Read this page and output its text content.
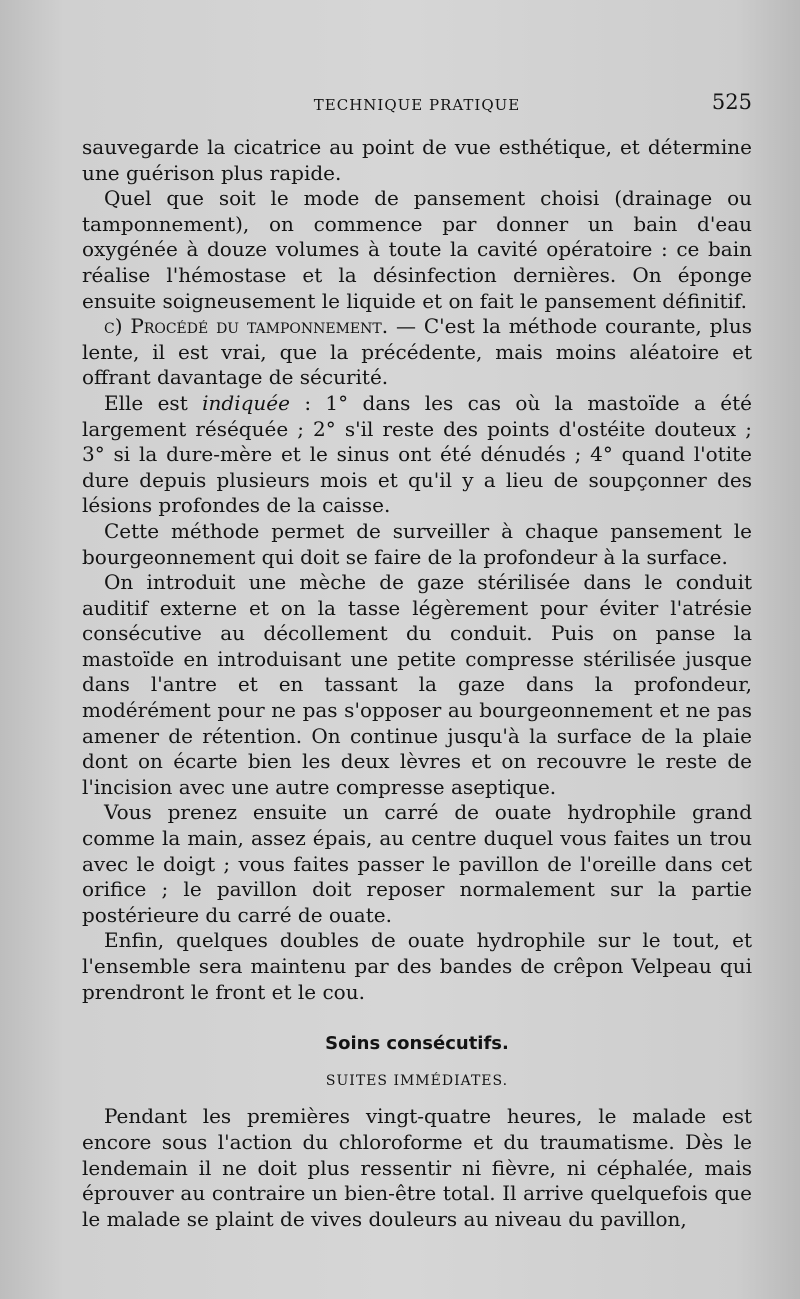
TECHNIQUE PRATIQUE	525

sauvegarde la cicatrice au point de vue esthétique, et détermine une guérison plus rapide.

Quel que soit le mode de pansement choisi (drainage ou tamponnement), on commence par donner un bain d'eau oxygénée à douze volumes à toute la cavité opératoire : ce bain réalise l'hémostase et la désinfection dernières. On éponge ensuite soigneusement le liquide et on fait le pansement définitif.

c) Procédé du tamponnement. — C'est la méthode courante, plus lente, il est vrai, que la précédente, mais moins aléatoire et offrant davantage de sécurité.

Elle est indiquée : 1° dans les cas où la mastoïde a été largement réséquée ; 2° s'il reste des points d'ostéite douteux ; 3° si la dure-mère et le sinus ont été dénudés ; 4° quand l'otite dure depuis plusieurs mois et qu'il y a lieu de soupçonner des lésions profondes de la caisse.

Cette méthode permet de surveiller à chaque pansement le bourgeonnement qui doit se faire de la profondeur à la surface.

On introduit une mèche de gaze stérilisée dans le conduit auditif externe et on la tasse légèrement pour éviter l'atrésie consécutive au décollement du conduit. Puis on panse la mastoïde en introduisant une petite compresse stérilisée jusque dans l'antre et en tassant la gaze dans la profondeur, modérément pour ne pas s'opposer au bourgeonnement et ne pas amener de rétention. On continue jusqu'à la surface de la plaie dont on écarte bien les deux lèvres et on recouvre le reste de l'incision avec une autre compresse aseptique.

Vous prenez ensuite un carré de ouate hydrophile grand comme la main, assez épais, au centre duquel vous faites un trou avec le doigt ; vous faites passer le pavillon de l'oreille dans cet orifice ; le pavillon doit reposer normalement sur la partie postérieure du carré de ouate.

Enfin, quelques doubles de ouate hydrophile sur le tout, et l'ensemble sera maintenu par des bandes de crêpon Velpeau qui prendront le front et le cou.

Soins consécutifs.
SUITES IMMÉDIATES.

Pendant les premières vingt-quatre heures, le malade est encore sous l'action du chloroforme et du traumatisme. Dès le lendemain il ne doit plus ressentir ni fièvre, ni céphalée, mais éprouver au contraire un bien-être total. Il arrive quelquefois que le malade se plaint de vives douleurs au niveau du pavillon,
